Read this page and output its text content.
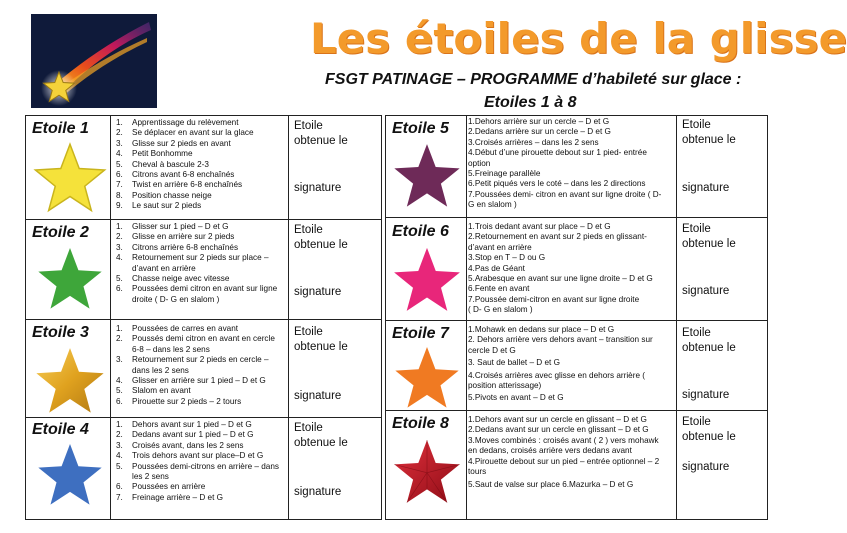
Les étoiles de la glisse
FSGT PATINAGE – PROGRAMME d’habileté sur glace :
Etoiles 1 à 8
Etoile 1	1. Apprentissage du relèvement
2. Se déplacer en avant sur la glace
3. Glisse sur 2 pieds en avant
4. Petit Bonhomme
5. Cheval à bascule 2-3
6. Citrons avant 6-8 enchaînés
7. Twist en arrière 6-8 enchaînés
8. Position chasse neige
9. Le saut sur 2 pieds
Etoile
obtenue le
signature
Etoile 2	1. Glisser sur 1 pied – D et G
2. Glisse en arrière sur 2 pieds
3. Citrons arrière 6-8 enchaînés
4. Retournement sur 2 pieds sur place – d’avant en arrière
5. Chasse neige avec vitesse
6. Poussées demi citron en avant sur ligne droite ( D- G en slalom )
Etoile
obtenue le
signature
Etoile 3	1. Poussées de carres en avant
2. Poussés demi citron en avant en cercle 6-8 – dans les 2 sens
3. Retournement sur 2 pieds en cercle – dans les 2 sens
4. Glisser en arrière sur 1 pied – D et G
5. Slalom en avant
6. Pirouette sur 2 pieds – 2 tours
Etoile
obtenue le
signature
Etoile 4	1. Dehors avant sur 1 pied – D et G
2. Dedans avant sur 1 pied – D et G
3. Croisés avant, dans les 2 sens
4. Trois dehors avant sur place–D et G
5. Poussées demi-citrons en arrière – dans les 2 sens
6. Poussées en arrière
7. Freinage arrière – D et G
Etoile
obtenue le
signature
Etoile 5 1.Dehors arrière sur un cercle – D et G
2.Dedans arrière sur un cercle – D et G
3.Croisés arrières – dans les 2 sens
4.Début d’une pirouette debout sur 1 pied- entrée
option
5.Freinage parallèle
6.Petit piqués vers le coté – dans les 2 directions
7.Poussées demi- citron en avant sur ligne droite ( D-
G en slalom )
Etoile
obtenue le
signature
Etoile 6 1.Trois dedant avant sur place – D et G
2.Retournement en avant sur 2 pieds en glissant-
d’avant en arrière
3.Stop en T – D ou G
4.Pas de Géant
5.Arabesque en avant sur une ligne droite – D et G
6.Fente en avant
7.Poussée demi-citron en avant sur ligne droite
( D- G en slalom )
Etoile
obtenue le
signature
Etoile 7 1.Mohawk en dedans sur place – D et G
2. Dehors arrière vers dehors avant – transition sur
cercle D et G
3. Saut de ballet – D et G
4.Croisés arrières avec glisse en dehors arrière (
position atterissage)
5.Pivots en avant – D et G
Etoile
obtenue le
signature
Etoile 8 1.Dehors avant sur un cercle en glissant – D et G
2.Dedans avant sur un cercle en glissant – D et G
3.Moves combinés : croisés avant ( 2 ) vers mohawk
en dedans, croisés arrière vers dedans avant
4.Pirouette debout sur un pied – entrée optionnel – 2
tours
5.Saut de valse sur place 6.Mazurka – D et G
Etoile
obtenue le
signature
